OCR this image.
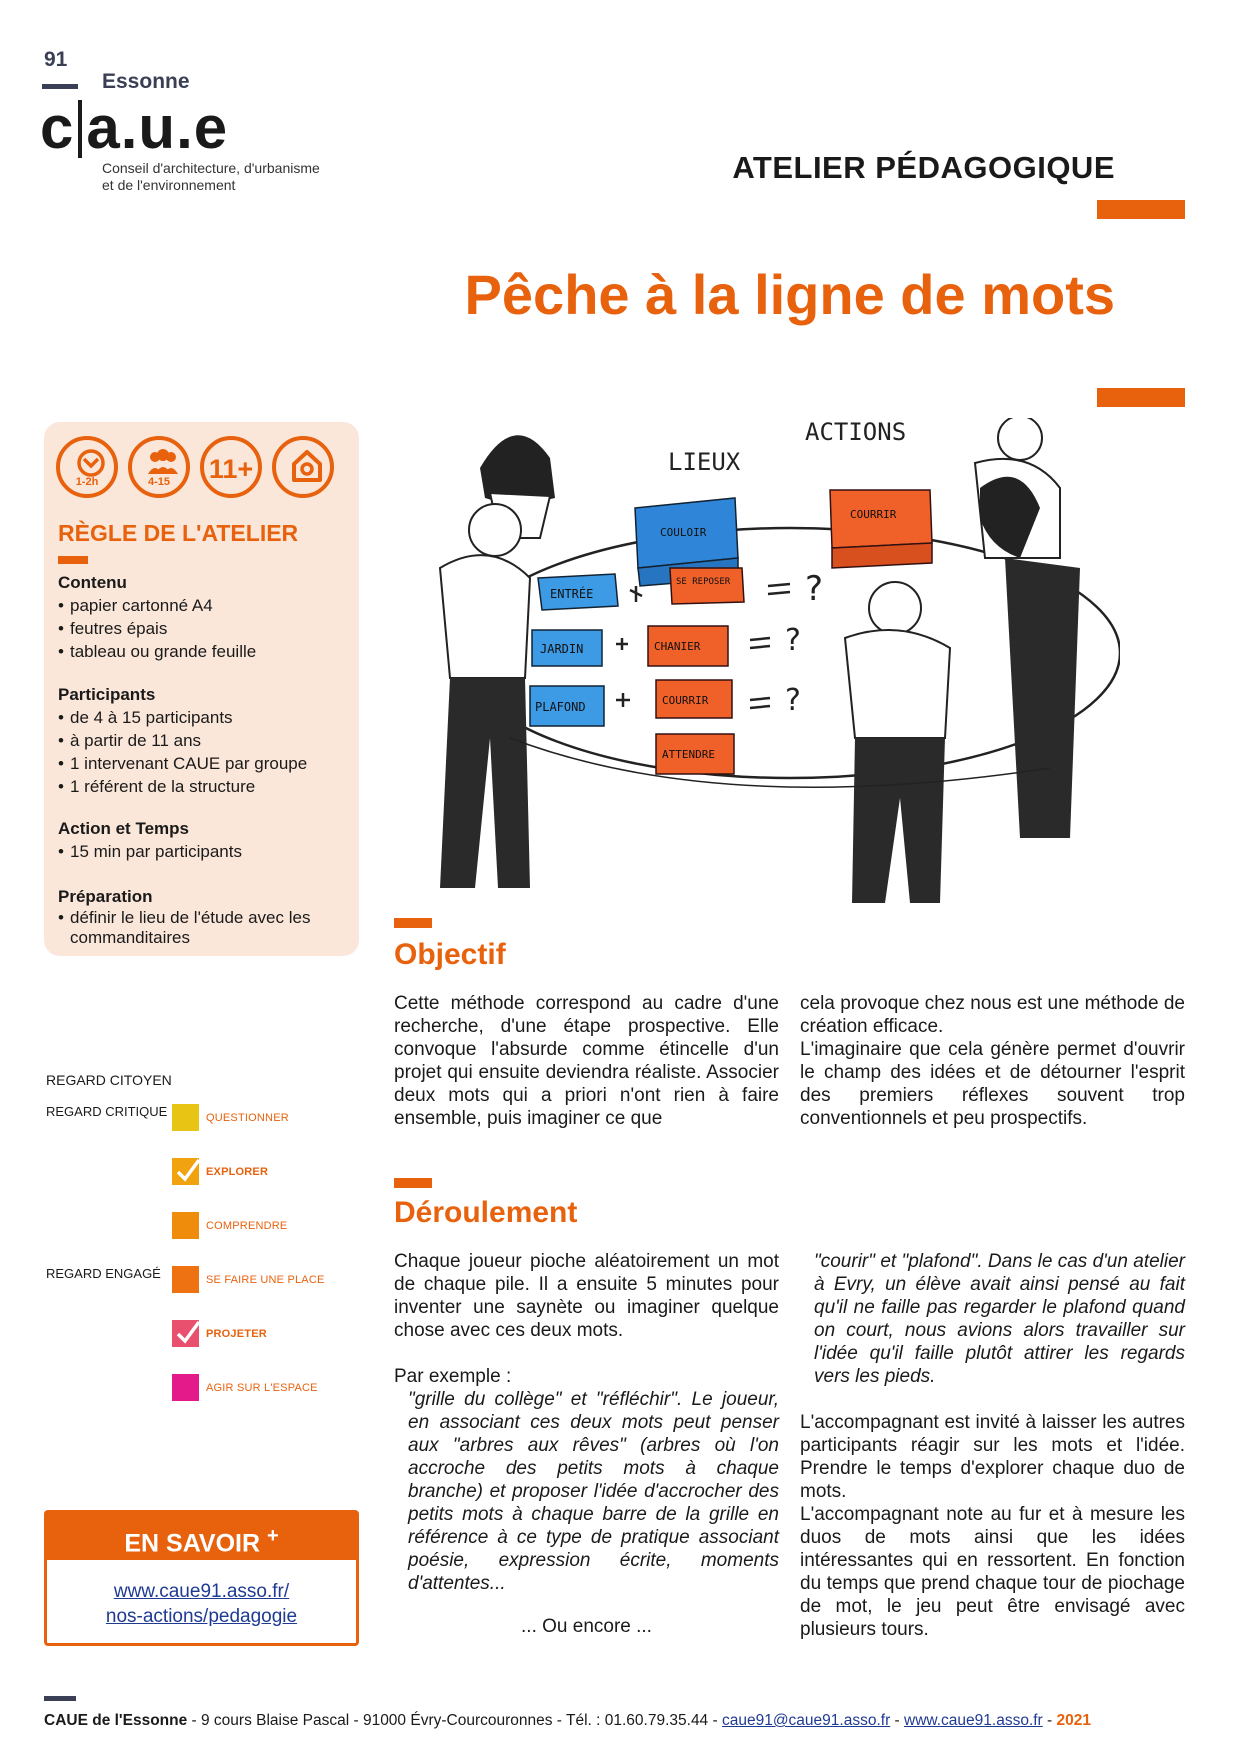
91
Essonne
c a.u.e
Conseil d'architecture, d'urbanisme
et de l'environnement	ATELIER PÉDAGOGIQUE
Pêche à la ligne de mots
1-2h	4-15	11+
RÈGLE DE L'ATELIER
Contenu
• papier cartonné A4
• feutres épais
• tableau ou grande feuille
Participants
• de 4 à 15 participants
• à partir de 11 ans
• 1 intervenant CAUE par groupe
• 1 référent de la structure
Action et Temps
• 15 min par participants
Préparation
• définir le lieu de l'étude avec les commanditaires
REGARD CITOYEN
REGARD CRITIQUE
REGARD ENGAGÉ
QUESTIONNER
EXPLORER
COMPRENDRE
SE FAIRE UNE PLACE
PROJETER
AGIR SUR L'ESPACE
EN SAVOIR +
www.caue91.asso.fr/
nos-actions/pedagogie
LIEUX
ACTIONS
COULOIR
COURRIR
ENTRÉE
JARDIN
PLAFOND
SE REPOSER
CHANIER
COURRIR
ATTENDRE
?
?
?
Objectif

Cette méthode correspond au cadre d'une recherche, d'une étape prospective. Elle convoque l'absurde comme étincelle d'un projet qui ensuite deviendra réaliste. Associer deux mots qui a priori n'ont rien à faire ensemble, puis imaginer ce que

cela provoque chez nous est une méthode de création efficace.

L'imaginaire que cela génère permet d'ouvrir le champ des idées et de détourner l'esprit des premiers réflexes souvent trop conventionnels et peu prospectifs.

Déroulement

Chaque joueur pioche aléatoirement un mot de chaque pile. Il a ensuite 5 minutes pour inventer une saynète ou imaginer quelque chose avec ces deux mots.

Par exemple :

"grille du collège" et "réfléchir". Le joueur, en associant ces deux mots peut penser aux "arbres aux rêves" (arbres où l'on accroche des petits mots à chaque branche) et proposer l'idée d'accrocher des petits mots à chaque barre de la grille en référence à ce type de pratique associant poésie, expression écrite, moments d'attentes...

... Ou encore ...

"courir" et "plafond". Dans le cas d'un atelier à Evry, un élève avait ainsi pensé au fait qu'il ne faille pas regarder le plafond quand on court, nous avions alors travailler sur l'idée qu'il faille plutôt attirer les regards vers les pieds.

L'accompagnant est invité à laisser les autres participants réagir sur les mots et l'idée. Prendre le temps d'explorer chaque duo de mots.

L'accompagnant note au fur et à mesure les duos de mots ainsi que les idées intéressantes qui en ressortent. En fonction du temps que prend chaque tour de piochage de mot, le jeu peut être envisagé avec plusieurs tours.

CAUE de l'Essonne - 9 cours Blaise Pascal - 91000 Évry-Courcouronnes - Tél. : 01.60.79.35.44 - caue91@caue91.asso.fr - www.caue91.asso.fr - 2021
